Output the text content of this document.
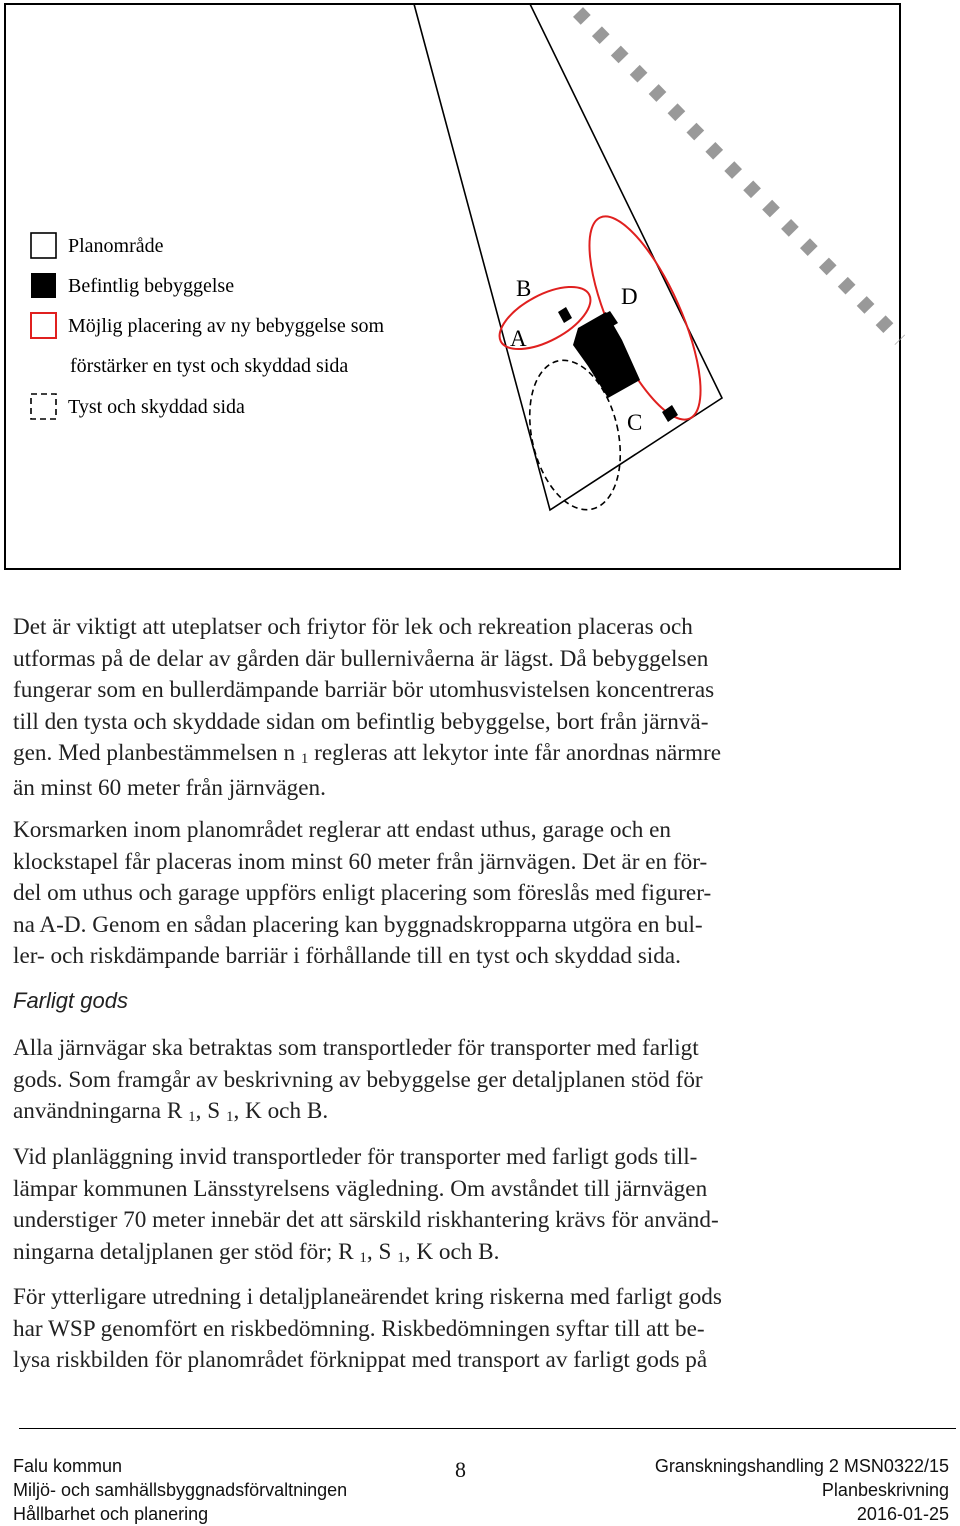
B
A
D
C
Planområde
Befintlig bebyggelse
Möjlig placering av ny bebyggelse som
förstärker en tyst och skyddad sida
Tyst och skyddad sida
Det är viktigt att uteplatser och friytor för lek och rekreation placeras och
utformas på de delar av gården där bullernivåerna är lägst. Då bebyggelsen
fungerar som en bullerdämpande barriär bör utomhusvistelsen koncentreras
till den tysta och skyddade sidan om befintlig bebyggelse, bort från järnvä-
gen. Med planbestämmelsen n 1 regleras att lekytor inte får anordnas närmre
än minst 60 meter från järnvägen.
Korsmarken inom planområdet reglerar att endast uthus, garage och en
klockstapel får placeras inom minst 60 meter från järnvägen. Det är en för-
del om uthus och garage uppförs enligt placering som föreslås med figurer-
na A-D. Genom en sådan placering kan byggnadskropparna utgöra en bul-
ler- och riskdämpande barriär i förhållande till en tyst och skyddad sida.

Farligt gods

Alla järnvägar ska betraktas som transportleder för transporter med farligt
gods. Som framgår av beskrivning av bebyggelse ger detaljplanen stöd för
användningarna R 1, S 1, K och B.
Vid planläggning invid transportleder för transporter med farligt gods till-
lämpar kommunen Länsstyrelsens vägledning. Om avståndet till järnvägen
understiger 70 meter innebär det att särskild riskhantering krävs för använd-
ningarna detaljplanen ger stöd för; R 1, S 1, K och B.
För ytterligare utredning i detaljplaneärendet kring riskerna med farligt gods
har WSP genomfört en riskbedömning. Riskbedömningen syftar till att be-
lysa riskbilden för planområdet förknippat med transport av farligt gods på
Falu kommun
Miljö- och samhällsbyggnadsförvaltningen
Hållbarhet och planering
8	Granskningshandling 2 MSN0322/15
Planbeskrivning
2016-01-25
